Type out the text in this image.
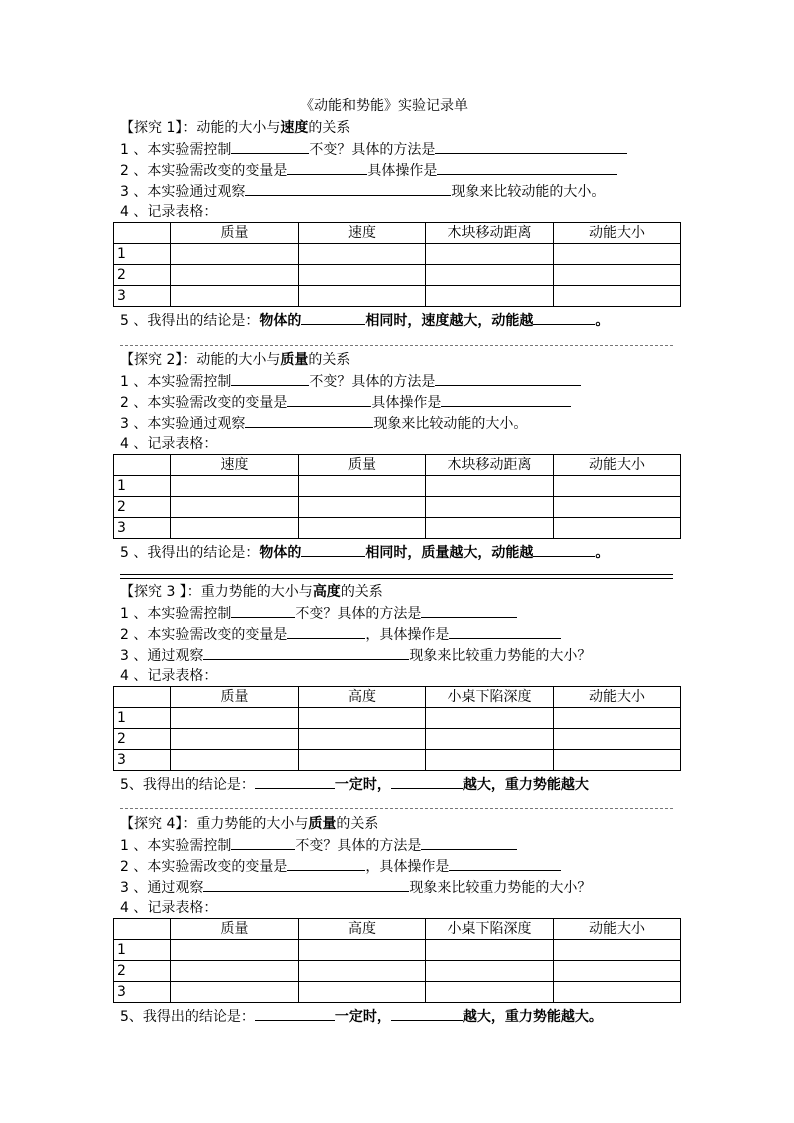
《动能和势能》实验记录单
【探究 1】：动能的大小与速度的关系
1 、本实验需控制	不变？具体的方法是
2 、本实验需改变的变量是	具体操作是
3 、本实验通过观察	现象来比较动能的大小。
4 、记录表格：
	质量	速度	木块移动距离	动能大小
1				
2				
3				
5 、我得出的结论是：物体的	相同时，速度越大，动能越	。
【探究 2】：动能的大小与质量的关系
1 、本实验需控制	不变？具体的方法是
2 、本实验需改变的变量是	具体操作是
3 、本实验通过观察	现象来比较动能的大小。
4 、记录表格：
	速度	质量	木块移动距离	动能大小
1				
2				
3				
5 、我得出的结论是：物体的	相同时，质量越大，动能越	。
【探究 3 】：重力势能的大小与高度的关系
1 、本实验需控制	不变？具体的方法是
2 、本实验需改变的变量是	，具体操作是
3 、通过观察	现象来比较重力势能的大小？
4 、记录表格：
	质量	高度	小桌下陷深度	动能大小
1				
2				
3				
5、我得出的结论是：	一定时，	越大，重力势能越大
【探究 4】：重力势能的大小与质量的关系
1 、本实验需控制	不变？具体的方法是
2 、本实验需改变的变量是	，具体操作是
3 、通过观察	现象来比较重力势能的大小？
4 、记录表格：
	质量	高度	小桌下陷深度	动能大小
1				
2				
3				
5、我得出的结论是：	一定时，	越大，重力势能越大。
